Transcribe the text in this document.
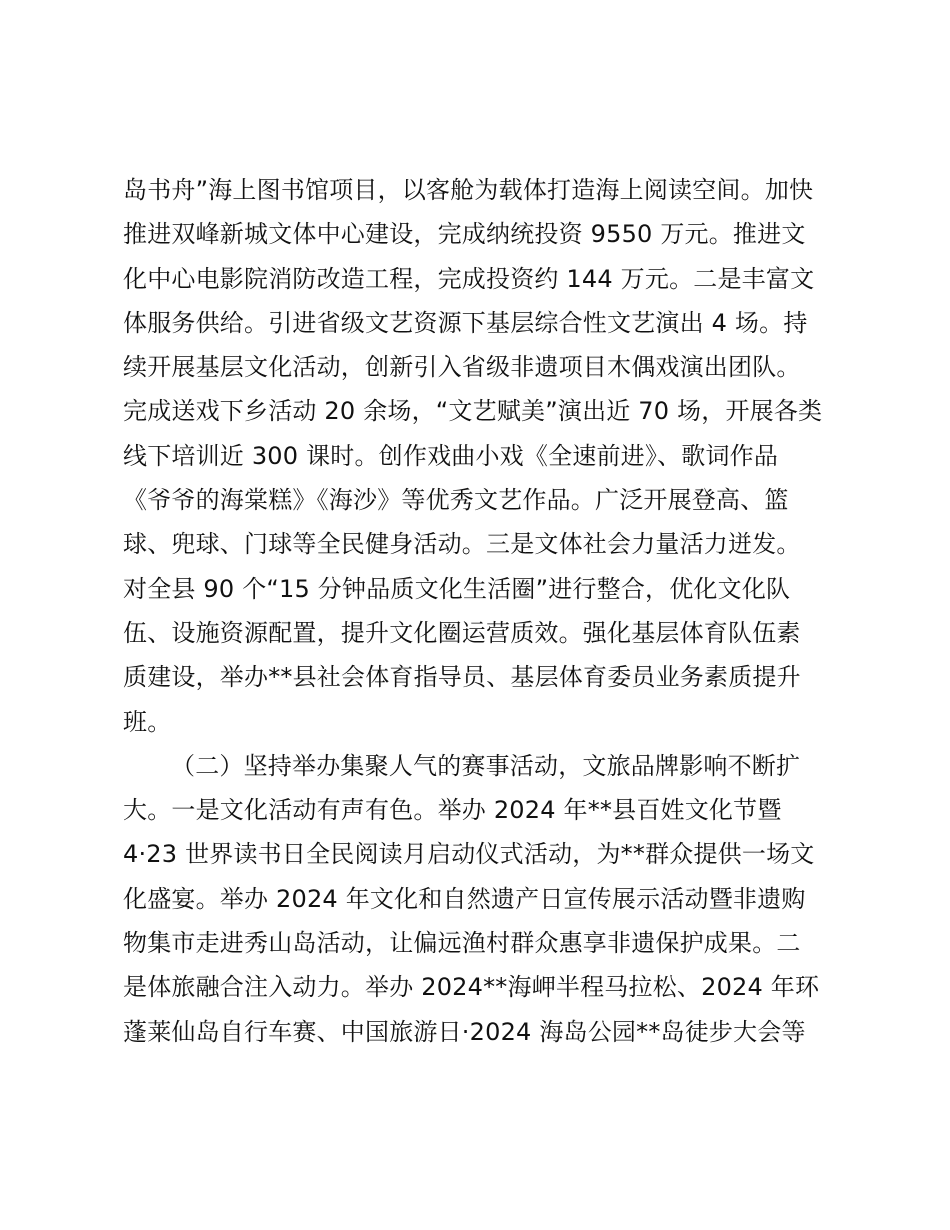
岛书舟”海上图书馆项目，以客舱为载体打造海上阅读空间。加快
推进双峰新城文体中心建设，完成纳统投资 9550 万元。推进文
化中心电影院消防改造工程，完成投资约 144 万元。二是丰富文
体服务供给。引进省级文艺资源下基层综合性文艺演出 4 场。持
续开展基层文化活动，创新引入省级非遗项目木偶戏演出团队。
完成送戏下乡活动 20 余场，“文艺赋美”演出近 70 场，开展各类
线下培训近 300 课时。创作戏曲小戏《全速前进》、歌词作品
《爷爷的海棠糕》《海沙》等优秀文艺作品。广泛开展登高、篮
球、兜球、门球等全民健身活动。三是文体社会力量活力迸发。
对全县 90 个“15 分钟品质文化生活圈”进行整合，优化文化队
伍、设施资源配置，提升文化圈运营质效。强化基层体育队伍素
质建设，举办**县社会体育指导员、基层体育委员业务素质提升
班。
（二）坚持举办集聚人气的赛事活动，文旅品牌影响不断扩
大。一是文化活动有声有色。举办 2024 年**县百姓文化节暨
4·23 世界读书日全民阅读月启动仪式活动，为**群众提供一场文
化盛宴。举办 2024 年文化和自然遗产日宣传展示活动暨非遗购
物集市走进秀山岛活动，让偏远渔村群众惠享非遗保护成果。二
是体旅融合注入动力。举办 2024**海岬半程马拉松、2024 年环
蓬莱仙岛自行车赛、中国旅游日·2024 海岛公园**岛徒步大会等
